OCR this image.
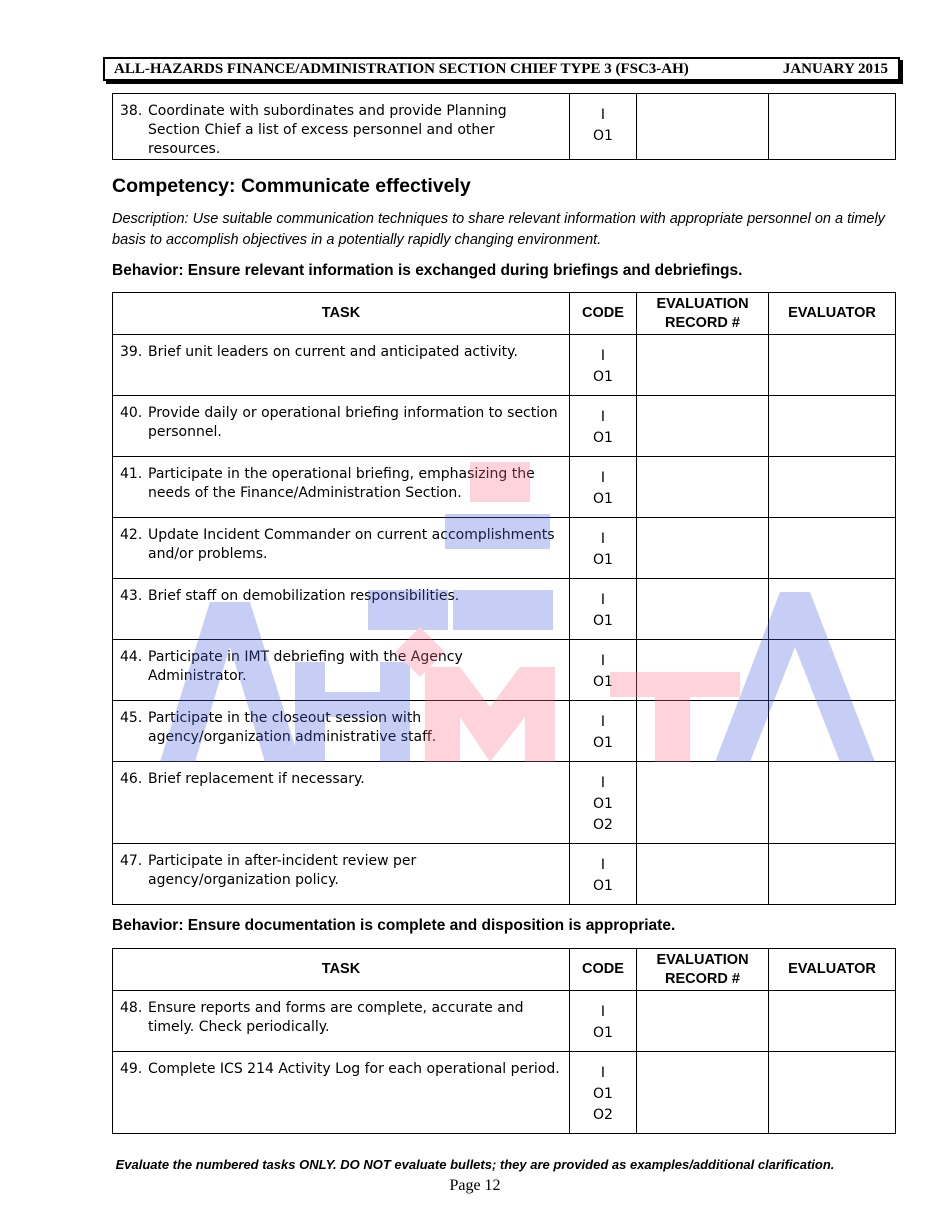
ALL-HAZARDS FINANCE/ADMINISTRATION SECTION CHIEF TYPE 3 (FSC3-AH)	JANUARY 2015
38. Coordinate with subordinates and provide Planning Section Chief a list of excess personnel and other resources.

I
O1

Competency: Communicate effectively
Description: Use suitable communication techniques to share relevant information with appropriate personnel on a timely basis to accomplish objectives in a potentially rapidly changing environment.
Behavior: Ensure relevant information is exchanged during briefings and debriefings.
TASK	CODE	EVALUATION RECORD #	EVALUATOR

39. Brief unit leaders on current and anticipated activity.	I
O1		

40. Provide daily or operational briefing information to section personnel.	I
O1		

41. Participate in the operational briefing, emphasizing the needs of the Finance/Administration Section.	I
O1		

42. Update Incident Commander on current accomplishments and/or problems.	I
O1		

43. Brief staff on demobilization responsibilities.	I
O1		

44. Participate in IMT debriefing with the Agency Administrator.	I
O1		

45. Participate in the closeout session with agency/organization administrative staff.	I
O1		

46. Brief replacement if necessary.	I
O1
O2		

47. Participate in after-incident review per agency/organization policy.	I
O1		

Behavior: Ensure documentation is complete and disposition is appropriate.
TASK	CODE	EVALUATION RECORD #	EVALUATOR

48. Ensure reports and forms are complete, accurate and timely. Check periodically.	I
O1		

49. Complete ICS 214 Activity Log for each operational period.	I
O1
O2		

Evaluate the numbered tasks ONLY. DO NOT evaluate bullets; they are provided as examples/additional clarification.
Page 12
